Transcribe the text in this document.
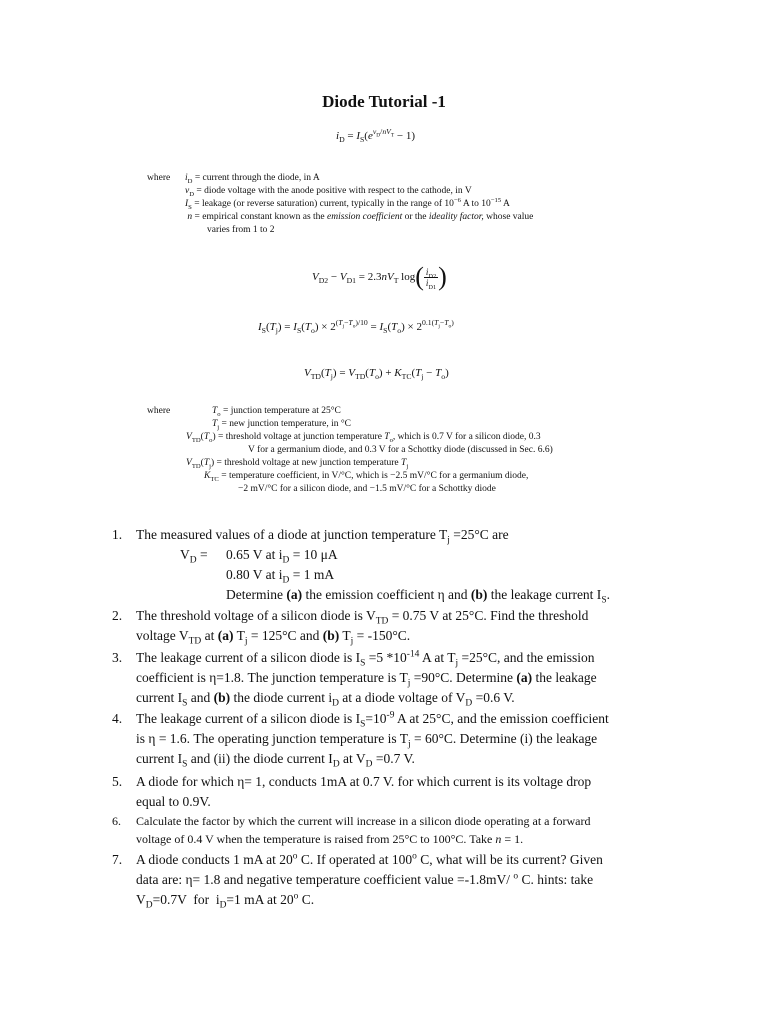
Diode Tutorial -1
$i_D = I_S(e^{v_D/nV_T} - 1)$
where $i_D$ = current through the diode, in A
$v_D$ = diode voltage with the anode positive with respect to the cathode, in V
$I_S$ = leakage (or reverse saturation) current, typically in the range of $10^{-6}$ A to $10^{-15}$ A
n = empirical constant known as the emission coefficient or the ideality factor, whose value
varies from 1 to 2
$V_{D2} - V_{D1} = 2.3nV_T$ $\log( \frac{i_{D2}}{i_{D1}}$ )
$I_S(T_j) = I_S(T_o) \times 2^{(T_j-T_o)/10} = I_S(T_o) \times 2^{0.1(T_j-T_o)}$
$V_{TD}(T_j) = V_{TD}(T_o) + K_{TC}(T_j - T_o)$
where	$T_o$ = junction temperature at 25°C
$T_j$ = new junction temperature, in °C
$V_{TD}(T_o)$ = threshold voltage at junction temperature $T_o$, which is 0.7 V for a silicon diode, 0.3
V for a germanium diode, and 0.3 V for a Schottky diode (discussed in Sec. 6.6)
$V_{TD}(T_j)$ = threshold voltage at new junction temperature $T_j$
$K_{TC}$ = temperature coefficient, in V/°C, which is −2.5 mV/°C for a germanium diode,
−2 mV/°C for a silicon diode, and −1.5 mV/°C for a Schottky diode
1. The measured values of a diode at junction temperature $T_j =25^\circ C$ are
$V_D = 0.65$ V at $i_D = 10$ μA
0.80 V at $i_D = 1$ mA
Determine (a) the emission coefficient η and (b) the leakage current $I_S$.
2. The threshold voltage of a silicon diode is $V_{TD} = 0.75$ V at 25°C. Find the threshold
voltage $V_{TD}$ at (a) $T_j = 125^\circ C$ and (b) $T_j = -150^\circ C$.
3. The leakage current of a silicon diode is $I_S =5$ $*10^{-14}$ A at $T_j =25^\circ C$, and the emission
coefficient is η=1.8. The junction temperature is $T_j =90^\circ C$. Determine (a) the leakage
current $I_S$ and (b) the diode current $i_D$ at a diode voltage of $V_D =0.6$ V.
4. The leakage current of a silicon diode is $I_S=10^{-9}$ A at 25°C, and the emission coefficient
is η = 1.6. The operating junction temperature is $T_j = 60^\circ C$. Determine (i) the leakage
current $I_S$ and (ii) the diode current $I_D$ at $V_D =0.7$ V.
5. A diode for which η= 1, conducts 1mA at 0.7 V. for which current is its voltage drop
equal to 0.9V.
6. Calculate the factor by which the current will increase in a silicon diode operating at a forward
voltage of 0.4 V when the temperature is raised from 25°C to 100°C. Take n = 1.
7. A diode conducts 1 mA at 20$^o$ C. If operated at 100$^o$ C, what will be its current? Given
data are: η= 1.8 and negative temperature coefficient value =-1.8mV/ $^o$ C. hints: take
$V_D=0.7V$  for  $i_D=1$ mA at 20$^o$ C.
